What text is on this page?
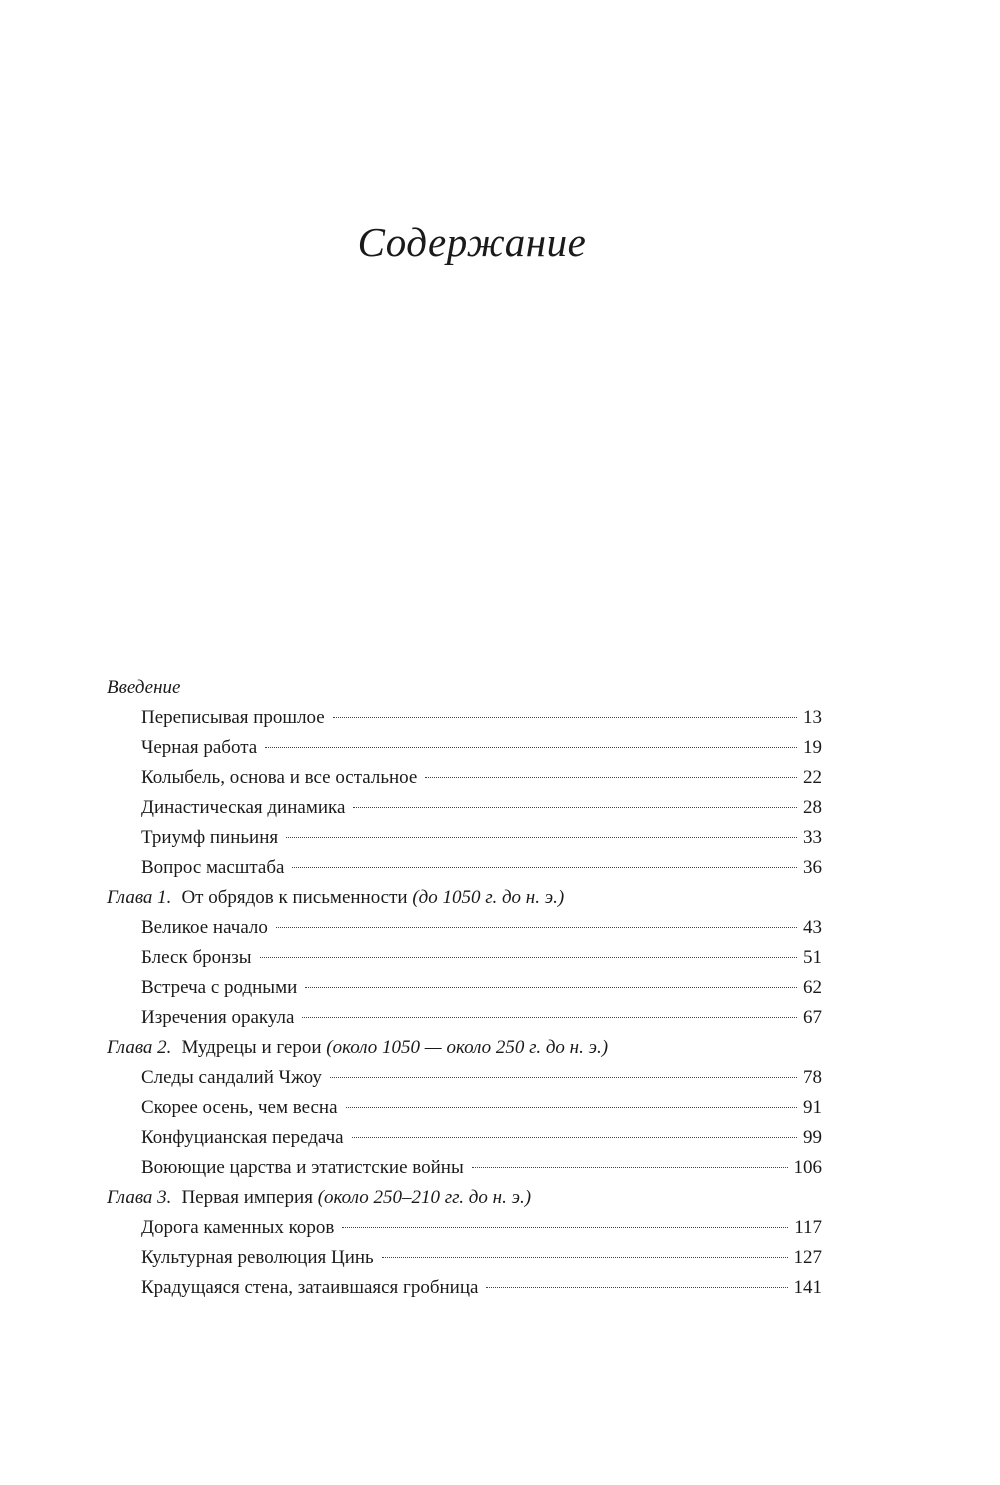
Содержание
Введение
Переписывая прошлое	13
Черная работа	19
Колыбель, основа и все остальное	22
Династическая динамика	28
Триумф пиньиня	33
Вопрос масштаба	36
Глава 1. От обрядов к письменности (до 1050 г. до н. э.)
Великое начало	43
Блеск бронзы	51
Встреча с родными	62
Изречения оракула	67
Глава 2. Мудрецы и герои (около 1050 — около 250 г. до н. э.)
Следы сандалий Чжоу	78
Скорее осень, чем весна	91
Конфуцианская передача	99
Воюющие царства и этатистские войны	106
Глава 3. Первая империя (около 250–210 гг. до н. э.)
Дорога каменных коров	117
Культурная революция Цинь	127
Крадущаяся стена, затаившаяся гробница	141
